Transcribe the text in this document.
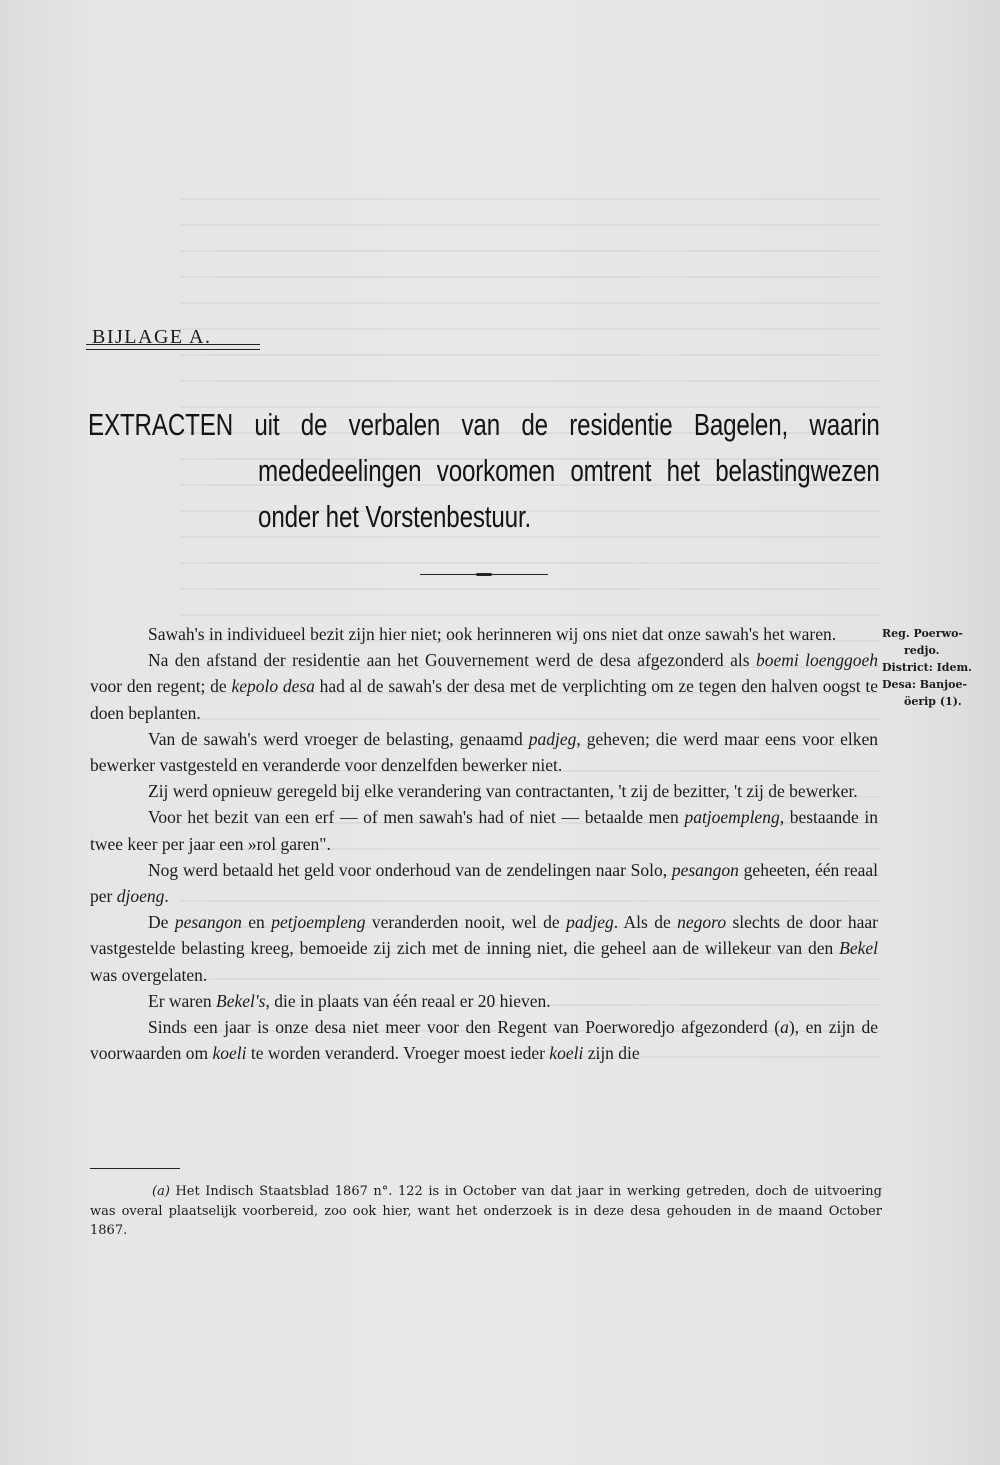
BIJLAGE A.
EXTRACTEN uit de verbalen van de residentie Bagelen, waarin
mededeelingen voorkomen omtrent het belastingwezen
onder het Vorstenbestuur.

Sawah's in individueel bezit zijn hier niet; ook herinneren wij ons niet dat onze sawah's het waren.

Na den afstand der residentie aan het Gouvernement werd de desa afgezonderd als boemi loenggoeh voor den regent; de kepolo desa had al de sawah's der desa met de verplichting om ze tegen den halven oogst te doen beplanten.

Van de sawah's werd vroeger de belasting, genaamd padjeg, geheven; die werd maar eens voor elken bewerker vastgesteld en veranderde voor denzelfden bewerker niet.

Zij werd opnieuw geregeld bij elke verandering van contractanten, 't zij de bezitter, 't zij de bewerker.

Voor het bezit van een erf — of men sawah's had of niet — betaalde men patjoempleng, bestaande in twee keer per jaar een »rol garen".

Nog werd betaald het geld voor onderhoud van de zendelingen naar Solo, pesangon geheeten, één reaal per djoeng.

De pesangon en petjoempleng veranderden nooit, wel de padjeg. Als de negoro slechts de door haar vastgestelde belasting kreeg, bemoeide zij zich met de inning niet, die geheel aan de willekeur van den Bekel was overgelaten.

Er waren Bekel's, die in plaats van één reaal er 20 hieven.

Sinds een jaar is onze desa niet meer voor den Regent van Poerworedjo afgezonderd (a), en zijn de voorwaarden om koeli te worden veranderd. Vroeger moest ieder koeli zijn die

Reg. Poerwo-
redjo.
District: Idem.
Desa: Banjoe-
öerip (1).
(a) Het Indisch Staatsblad 1867 n°. 122 is in October van dat jaar in werking getreden, doch de uitvoering was overal plaatselijk voorbereid, zoo ook hier, want het onderzoek is in deze desa gehouden in de maand October 1867.
